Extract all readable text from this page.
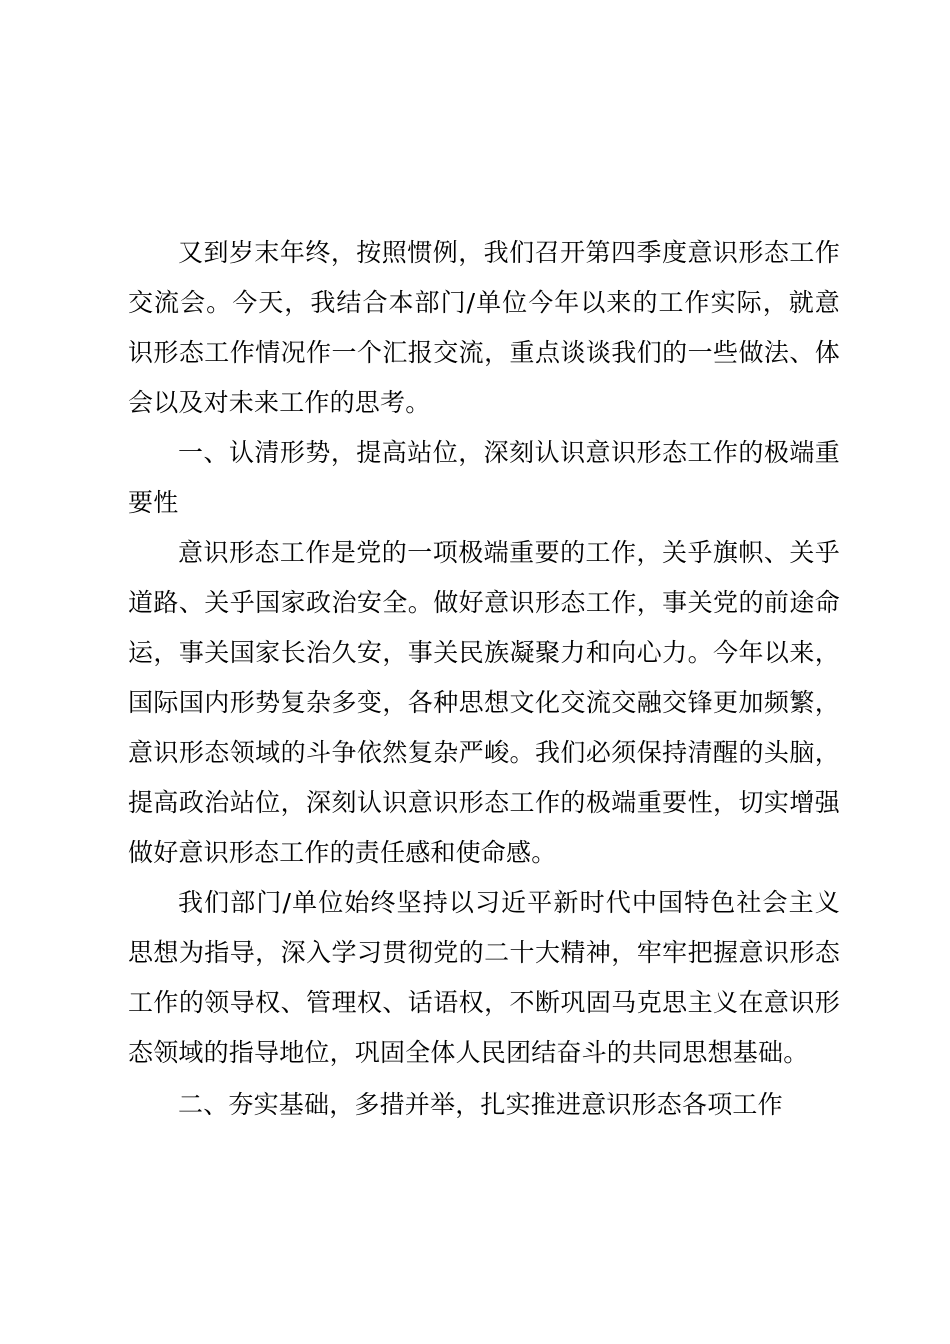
又到岁末年终，按照惯例，我们召开第四季度意识形态工作交流会。今天，我结合本部门/单位今年以来的工作实际，就意识形态工作情况作一个汇报交流，重点谈谈我们的一些做法、体会以及对未来工作的思考。

一、认清形势，提高站位，深刻认识意识形态工作的极端重要性

意识形态工作是党的一项极端重要的工作，关乎旗帜、关乎道路、关乎国家政治安全。做好意识形态工作，事关党的前途命运，事关国家长治久安，事关民族凝聚力和向心力。今年以来，国际国内形势复杂多变，各种思想文化交流交融交锋更加频繁，意识形态领域的斗争依然复杂严峻。我们必须保持清醒的头脑，提高政治站位，深刻认识意识形态工作的极端重要性，切实增强做好意识形态工作的责任感和使命感。

我们部门/单位始终坚持以习近平新时代中国特色社会主义思想为指导，深入学习贯彻党的二十大精神，牢牢把握意识形态工作的领导权、管理权、话语权，不断巩固马克思主义在意识形态领域的指导地位，巩固全体人民团结奋斗的共同思想基础。

二、夯实基础，多措并举，扎实推进意识形态各项工作
